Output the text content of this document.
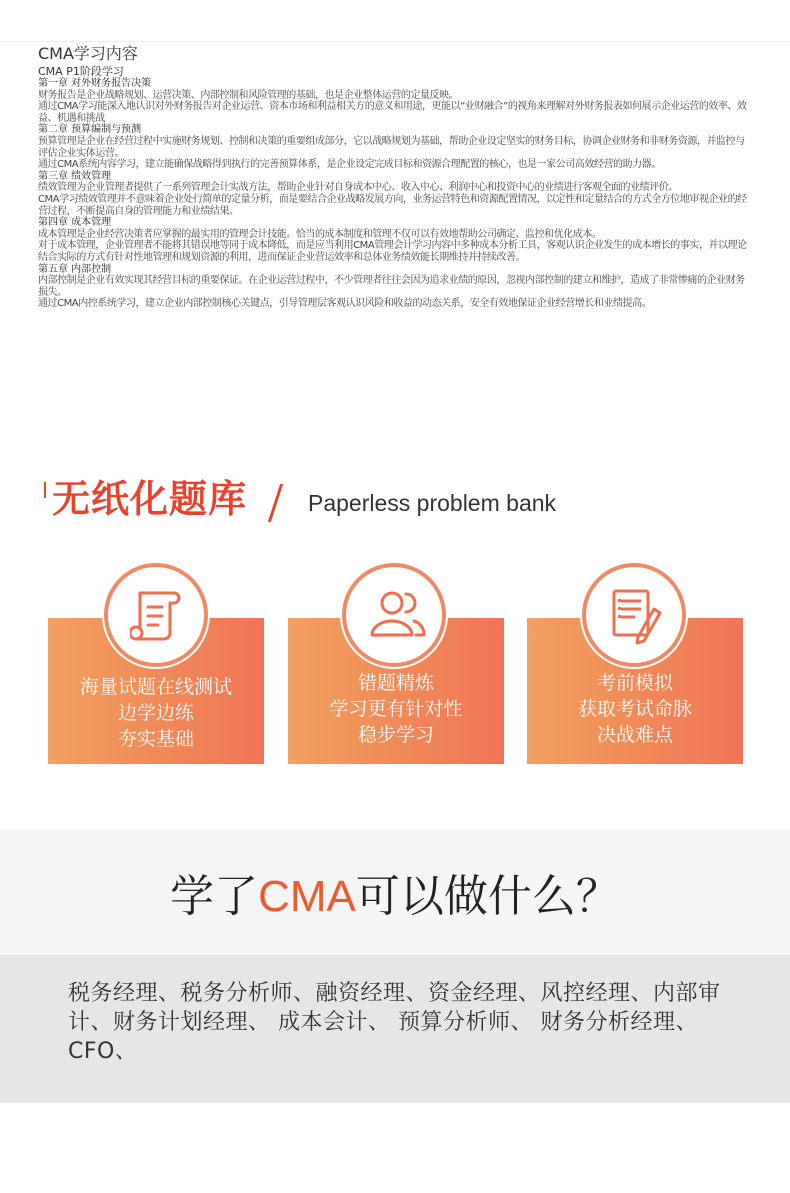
CMA学习内容
CMA P1阶段学习
第一章 对外财务报告决策
财务报告是企业战略规划、运营决策、内部控制和风险管理的基础，也是企业整体运营的定量反映。
通过CMA学习能深入地认识对外财务报告对企业运营、资本市场和利益相关方的意义和用途，更能以“业财融合”的视角来理解对外财务报表如何展示企业运营的效率、效益、机遇和挑战
第二章 预算编制与预测
预算管理是企业在经营过程中实施财务规划、控制和决策的重要组成部分，它以战略规划为基础，帮助企业设定坚实的财务目标，协调企业财务和非财务资源，并监控与评估企业实体运营。
通过CMA系统内容学习，建立能确保战略得到执行的完善预算体系，是企业设定完成目标和资源合理配置的核心，也是一家公司高效经营的助力器。
第三章 绩效管理
绩效管理为企业管理者提供了一系列管理会计实战方法，帮助企业针对自身成本中心、收入中心、利润中心和投资中心的业绩进行客观全面的业绩评价。
CMA学习绩效管理并不意味着企业处行简单的定量分析，而是要结合企业战略发展方向，业务运营特色和资源配置情况，以定性和定量结合的方式全方位地审视企业的经营过程，不断提高自身的管理能力和业绩结果。
第四章 成本管理
成本管理是企业经营决策者应掌握的最实用的管理会计技能。恰当的成本制度和管理不仅可以有效地帮助公司确定、监控和优化成本。
对于成本管理，企业管理者不能将其错误地等同于成本降低，而是应当利用CMA管理会计学习内容中多种成本分析工具，客观认识企业发生的成本增长的事实，并以理论结合实际的方式有针对性地管理和规划资源的利用，进而保证企业营运效率和总体业务绩效能长期维持并持续改善。
第五章 内部控制
内部控制是企业有效实现其经营目标的重要保证。在企业运营过程中，不少管理者往往会因为追求业绩的原因，忽视内部控制的建立和维护，造成了非常惨痛的企业财务损失。
通过CMA内控系统学习，建立企业内部控制核心关键点，引导管理层客观认识风险和收益的动态关系，安全有效地保证企业经营增长和业绩提高。
无纸化题库	Paperless problem bank
海量试题在线测试
边学边练
夯实基础
错题精炼
学习更有针对性
稳步学习
考前模拟
获取考试命脉
决战难点
学了CMA可以做什么？
税务经理、税务分析师、融资经理、资金经理、风控经理、内部审计、财务计划经理、 成本会计、 预算分析师、 财务分析经理、 CFO、
